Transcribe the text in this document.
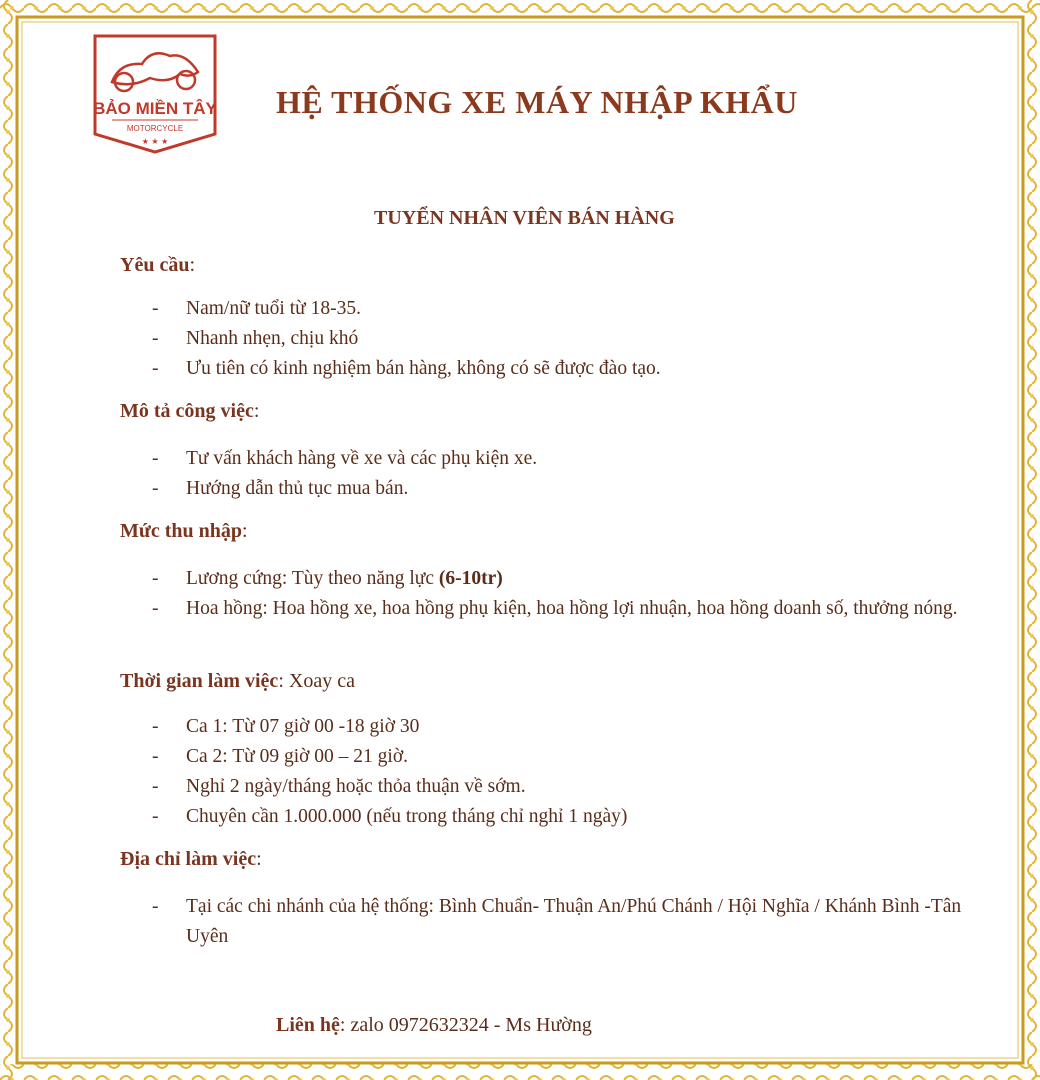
BẢO MIỀN TÂY
MOTORCYCLE
★ ★ ★
HỆ THỐNG XE MÁY NHẬP KHẨU
TUYỂN NHÂN VIÊN BÁN HÀNG
Yêu cầu:
- Nam/nữ tuổi từ 18-35.
- Nhanh nhẹn, chịu khó
- Ưu tiên có kinh nghiệm bán hàng, không có sẽ được đào tạo.
Mô tả công việc:
- Tư vấn khách hàng về xe và các phụ kiện xe.
- Hướng dẫn thủ tục mua bán.
Mức thu nhập:
- Lương cứng: Tùy theo năng lực (6-10tr)
- Hoa hồng: Hoa hồng xe, hoa hồng phụ kiện, hoa hồng lợi nhuận, hoa hồng doanh số, thưởng nóng.
Thời gian làm việc: Xoay ca
- Ca 1: Từ 07 giờ 00 -18 giờ 30
- Ca 2: Từ 09 giờ 00 – 21 giờ.
- Nghỉ 2 ngày/tháng hoặc thỏa thuận về sớm.
- Chuyên cần 1.000.000 (nếu trong tháng chỉ nghỉ 1 ngày)
Địa chỉ làm việc:
- Tại các chi nhánh của hệ thống: Bình Chuẩn- Thuận An/Phú Chánh / Hội Nghĩa / Khánh Bình -Tân Uyên
Liên hệ: zalo 0972632324 - Ms Hường
